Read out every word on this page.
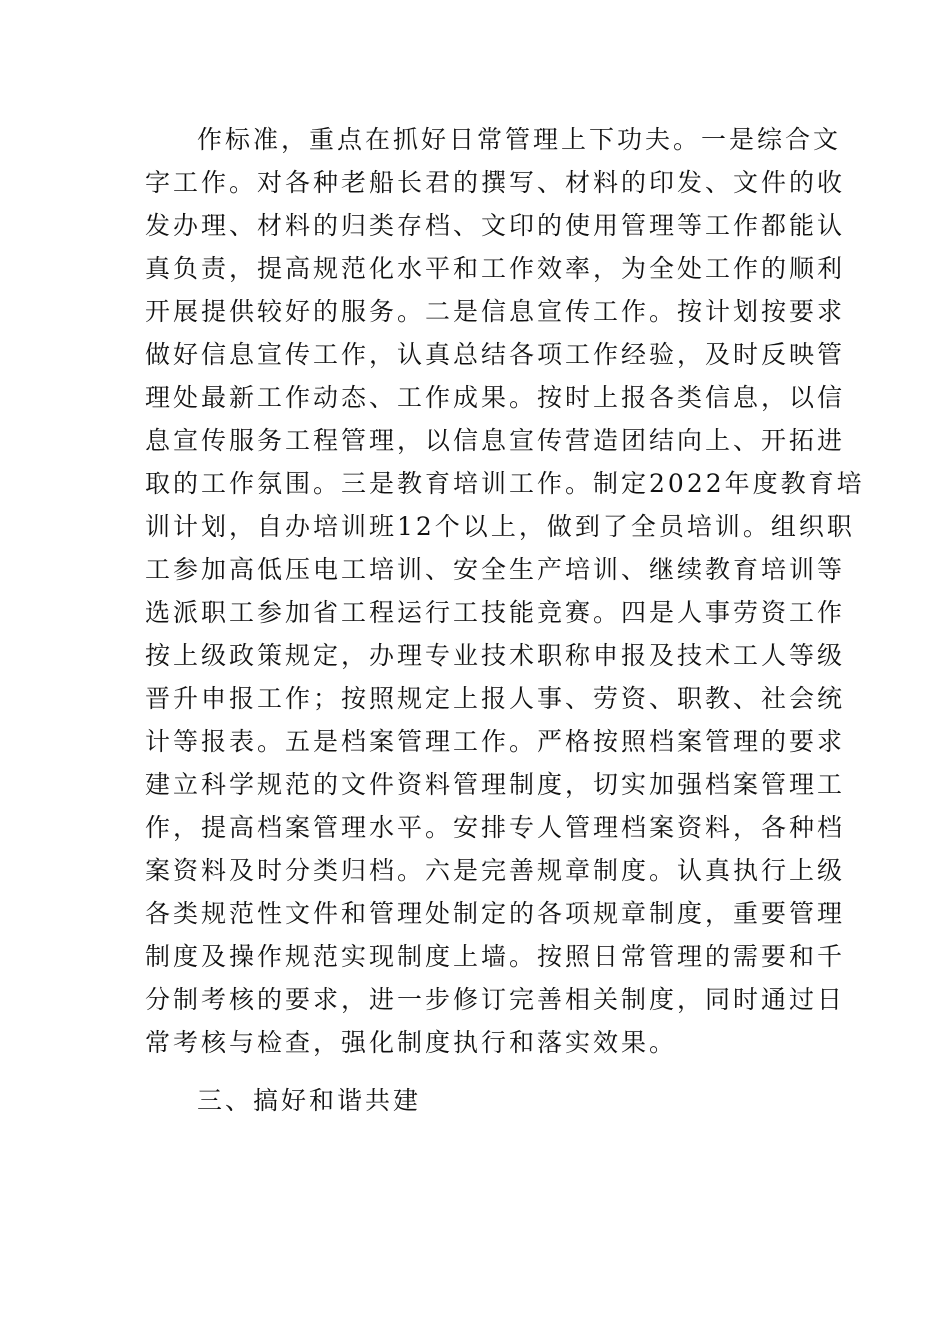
作标准，重点在抓好日常管理上下功夫。一是综合文
字工作。对各种老船长君的撰写、材料的印发、文件的收
发办理、材料的归类存档、文印的使用管理等工作都能认
真负责，提高规范化水平和工作效率，为全处工作的顺利
开展提供较好的服务。二是信息宣传工作。按计划按要求
做好信息宣传工作，认真总结各项工作经验，及时反映管
理处最新工作动态、工作成果。按时上报各类信息，以信
息宣传服务工程管理，以信息宣传营造团结向上、开拓进
取的工作氛围。三是教育培训工作。制定2022年度教育培
训计划，自办培训班12个以上，做到了全员培训。组织职
工参加高低压电工培训、安全生产培训、继续教育培训等
选派职工参加省工程运行工技能竞赛。四是人事劳资工作
按上级政策规定，办理专业技术职称申报及技术工人等级
晋升申报工作；按照规定上报人事、劳资、职教、社会统
计等报表。五是档案管理工作。严格按照档案管理的要求
建立科学规范的文件资料管理制度，切实加强档案管理工
作，提高档案管理水平。安排专人管理档案资料，各种档
案资料及时分类归档。六是完善规章制度。认真执行上级
各类规范性文件和管理处制定的各项规章制度，重要管理
制度及操作规范实现制度上墙。按照日常管理的需要和千
分制考核的要求，进一步修订完善相关制度，同时通过日
常考核与检查，强化制度执行和落实效果。
三、搞好和谐共建
